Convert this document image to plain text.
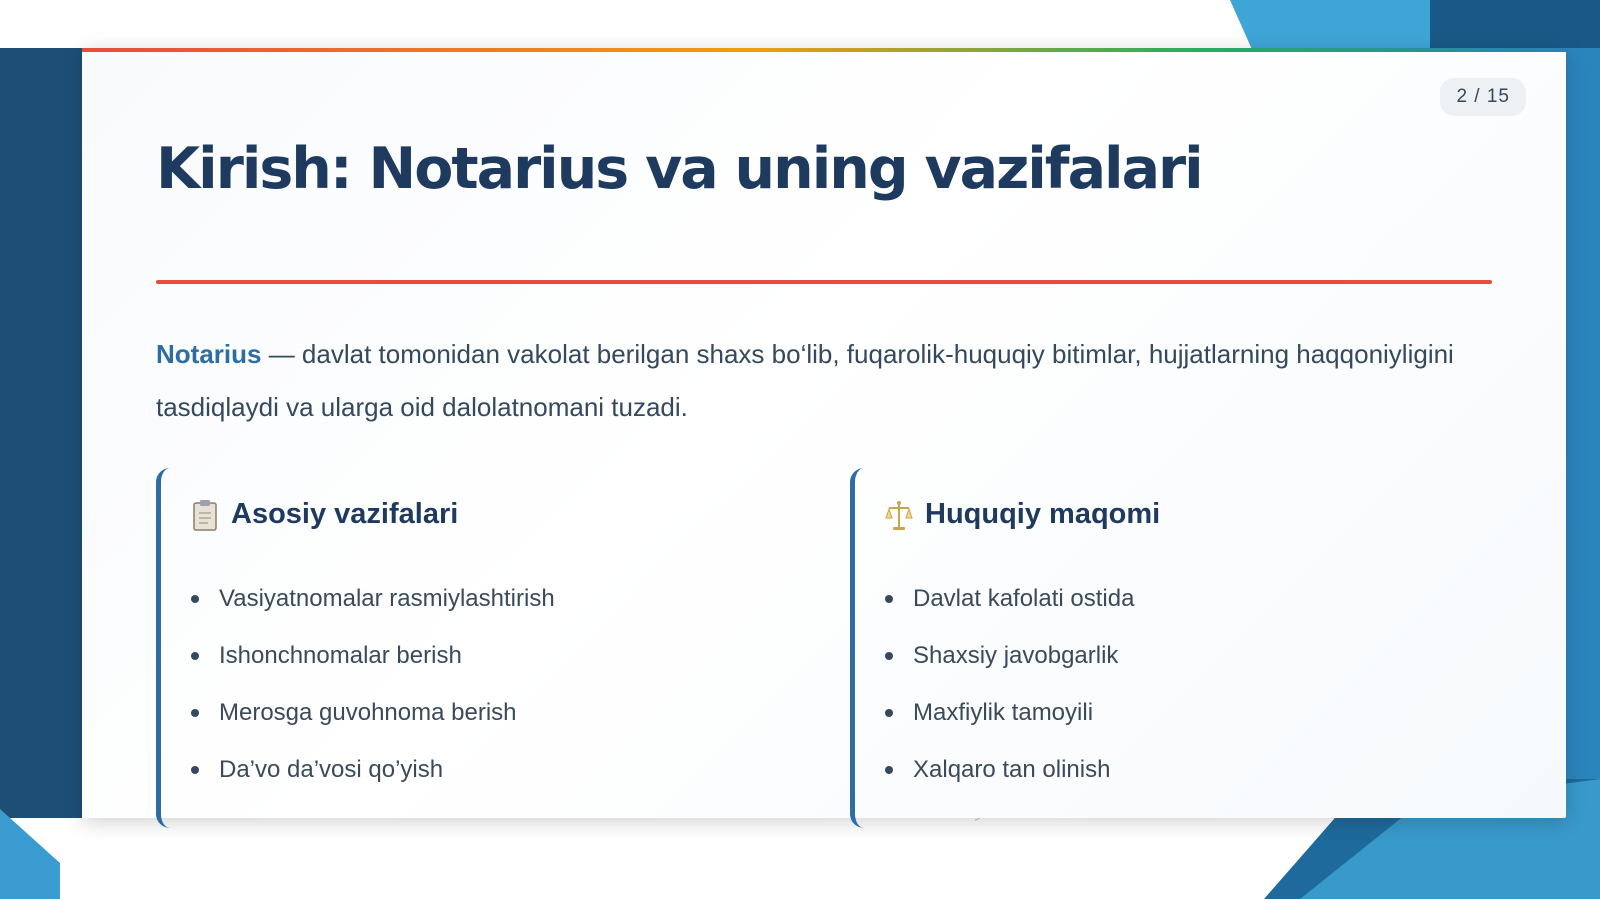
2 / 15
Kirish: Notarius va uning vazifalari

Notarius — davlat tomonidan vakolat berilgan shaxs bo‘lib, fuqarolik-huquqiy bitimlar, hujjatlarning haqqoniyligini tasdiqlaydi va ularga oid dalolatnomani tuzadi.

Asosiy vazifalari
Vasiyatnomalar rasmiylashtirish
Ishonchnomalar berish
Merosga guvohnoma berish
Da’vo da’vosi qo’yish
Huquqiy maqomi
Davlat kafolati ostida
Shaxsiy javobgarlik
Maxfiylik tamoyili
Xalqaro tan olinish
